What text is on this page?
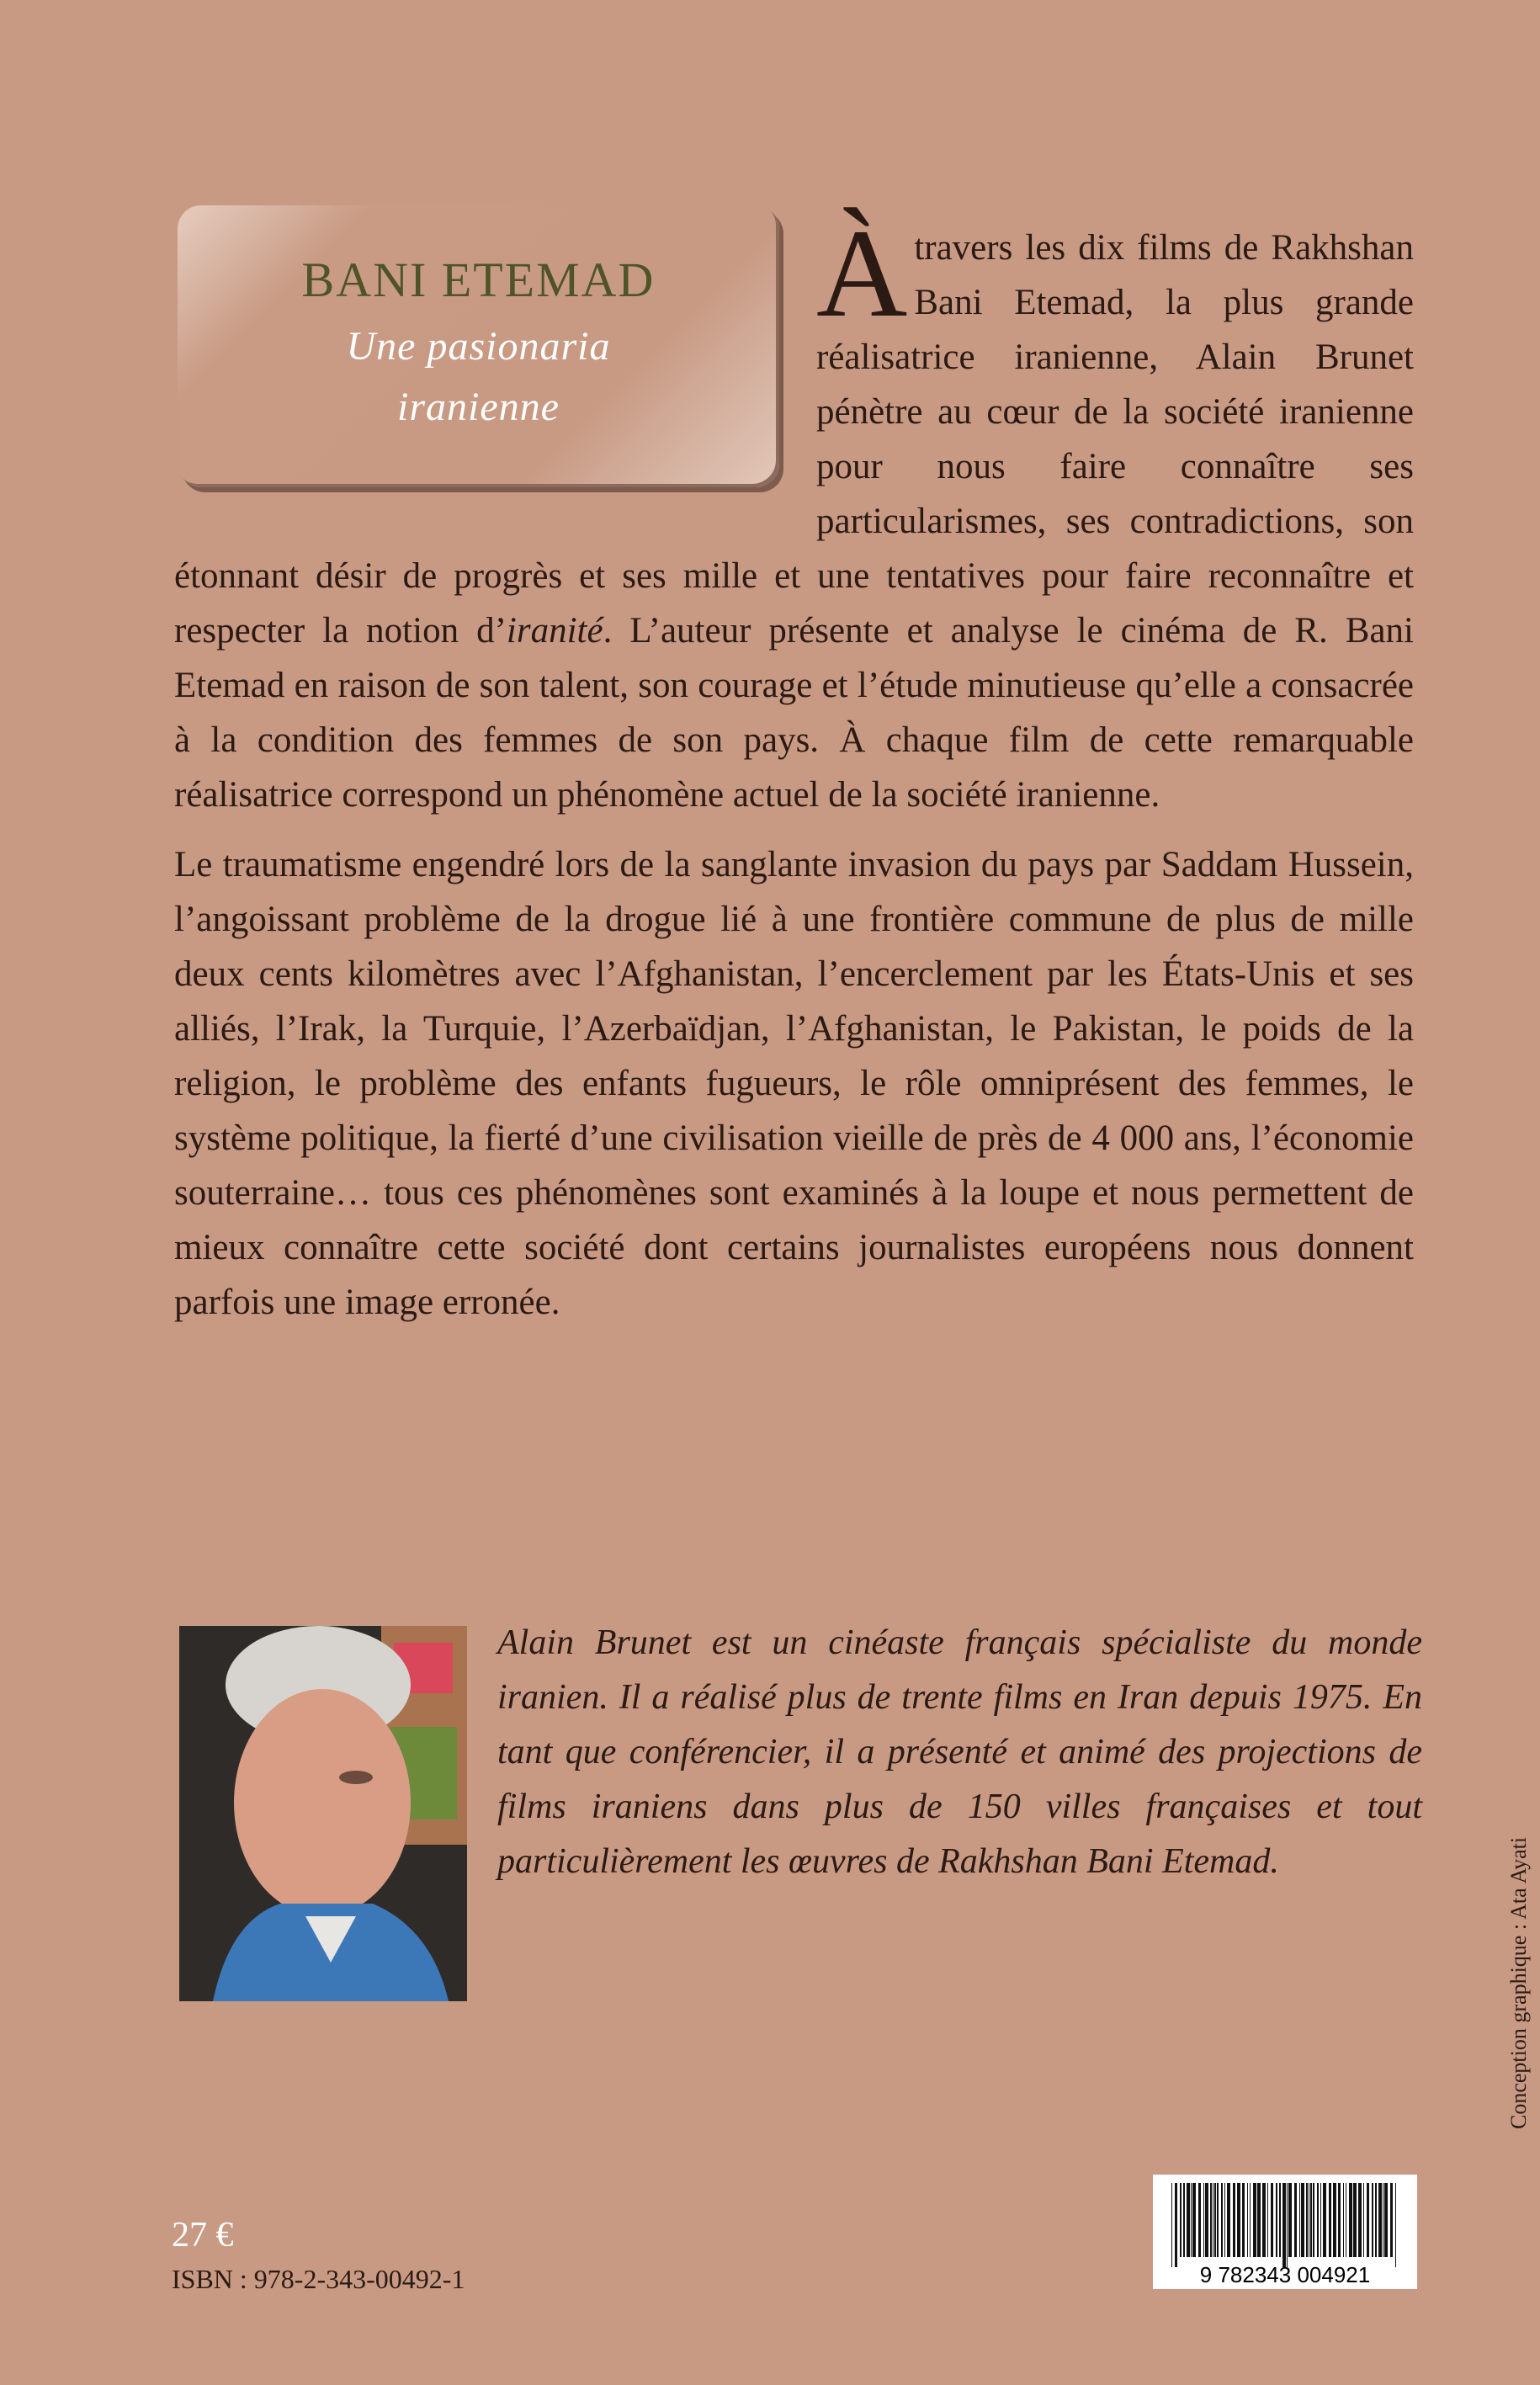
BANI ETEMAD
Une pasionaria
iranienne
À travers les dix films de Rakhshan Bani Etemad, la plus grande réalisatrice iranienne, Alain Brunet pénètre au cœur de la société iranienne pour nous faire connaître ses particularismes, ses contradictions, son étonnant désir de progrès et ses mille et une tentatives pour faire reconnaître et respecter la notion d’iranité. L’auteur présente et analyse le cinéma de R. Bani Etemad en raison de son talent, son courage et l’étude minutieuse qu’elle a consacrée à la condition des femmes de son pays. À chaque film de cette remarquable réalisatrice correspond un phénomène actuel de la société iranienne.

Le traumatisme engendré lors de la sanglante invasion du pays par Saddam Hussein, l’angoissant problème de la drogue lié à une frontière commune de plus de mille deux cents kilomètres avec l’Afghanistan, l’encerclement par les États-Unis et ses alliés, l’Irak, la Turquie, l’Azerbaïdjan, l’Afghanistan, le Pakistan, le poids de la religion, le problème des enfants fugueurs, le rôle omniprésent des femmes, le système politique, la fierté d’une civilisation vieille de près de 4 000 ans, l’économie souterraine… tous ces phénomènes sont examinés à la loupe et nous permettent de mieux connaître cette société dont certains journalistes européens nous donnent parfois une image erronée.

Alain Brunet est un cinéaste français spécialiste du monde iranien. Il a réalisé plus de trente films en Iran depuis 1975. En tant que conférencier, il a présenté et animé des projections de films iraniens dans plus de 150 villes françaises et tout particulièrement les œuvres de Rakhshan Bani Etemad.	Conception graphique : Ata Ayati
27 €
ISBN : 978-2-343-00492-1	9 782343 004921
